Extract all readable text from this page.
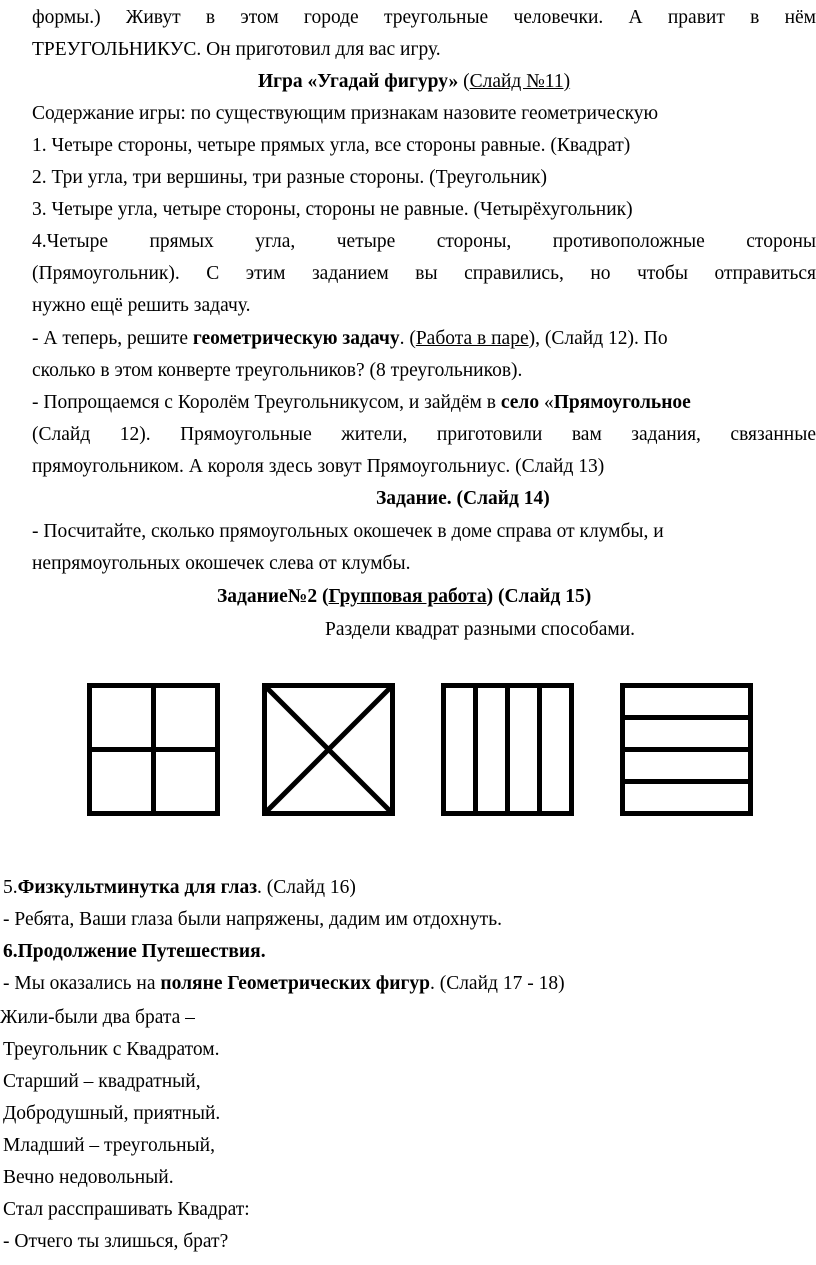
формы.) Живут в этом городе треугольные человечки. А правит в нём
ТРЕУГОЛЬНИКУС. Он приготовил для вас игру.
Игра «Угадай фигуру» (Слайд №11)
Содержание игры: по существующим признакам назовите геометрическую
1. Четыре стороны, четыре прямых угла, все стороны равные. (Квадрат)
2. Три угла, три вершины, три разные стороны. (Треугольник)
3. Четыре угла, четыре стороны, стороны не равные. (Четырёхугольник)
4.Четыре прямых угла, четыре стороны, противоположные стороны
(Прямоугольник). С этим заданием вы справились, но чтобы отправиться
нужно ещё решить задачу.
- А теперь, решите геометрическую задачу. (Работа в паре), (Слайд 12). По
сколько в этом конверте треугольников? (8 треугольников).
- Попрощаемся с Королём Треугольникусом, и зайдём в село «Прямоугольное
(Слайд 12). Прямоугольные жители, приготовили вам задания, связанные
прямоугольником. А короля здесь зовут Прямоугольниус. (Слайд 13)
Задание. (Слайд 14)
- Посчитайте, сколько прямоугольных окошечек в доме справа от клумбы, и
непрямоугольных окошечек слева от клумбы.
Задание№2 (Групповая работа) (Слайд 15)
Раздели квадрат разными способами.
5.Физкультминутка для глаз. (Слайд 16)
- Ребята, Ваши глаза были напряжены, дадим им отдохнуть.
6.Продолжение Путешествия.
- Мы оказались на поляне Геометрических фигур. (Слайд 17 - 18)
Жили-были два брата –
Треугольник с Квадратом.
Старший – квадратный,
Добродушный, приятный.
Младший – треугольный,
Вечно недовольный.
Стал расспрашивать Квадрат:
- Отчего ты злишься, брат?
